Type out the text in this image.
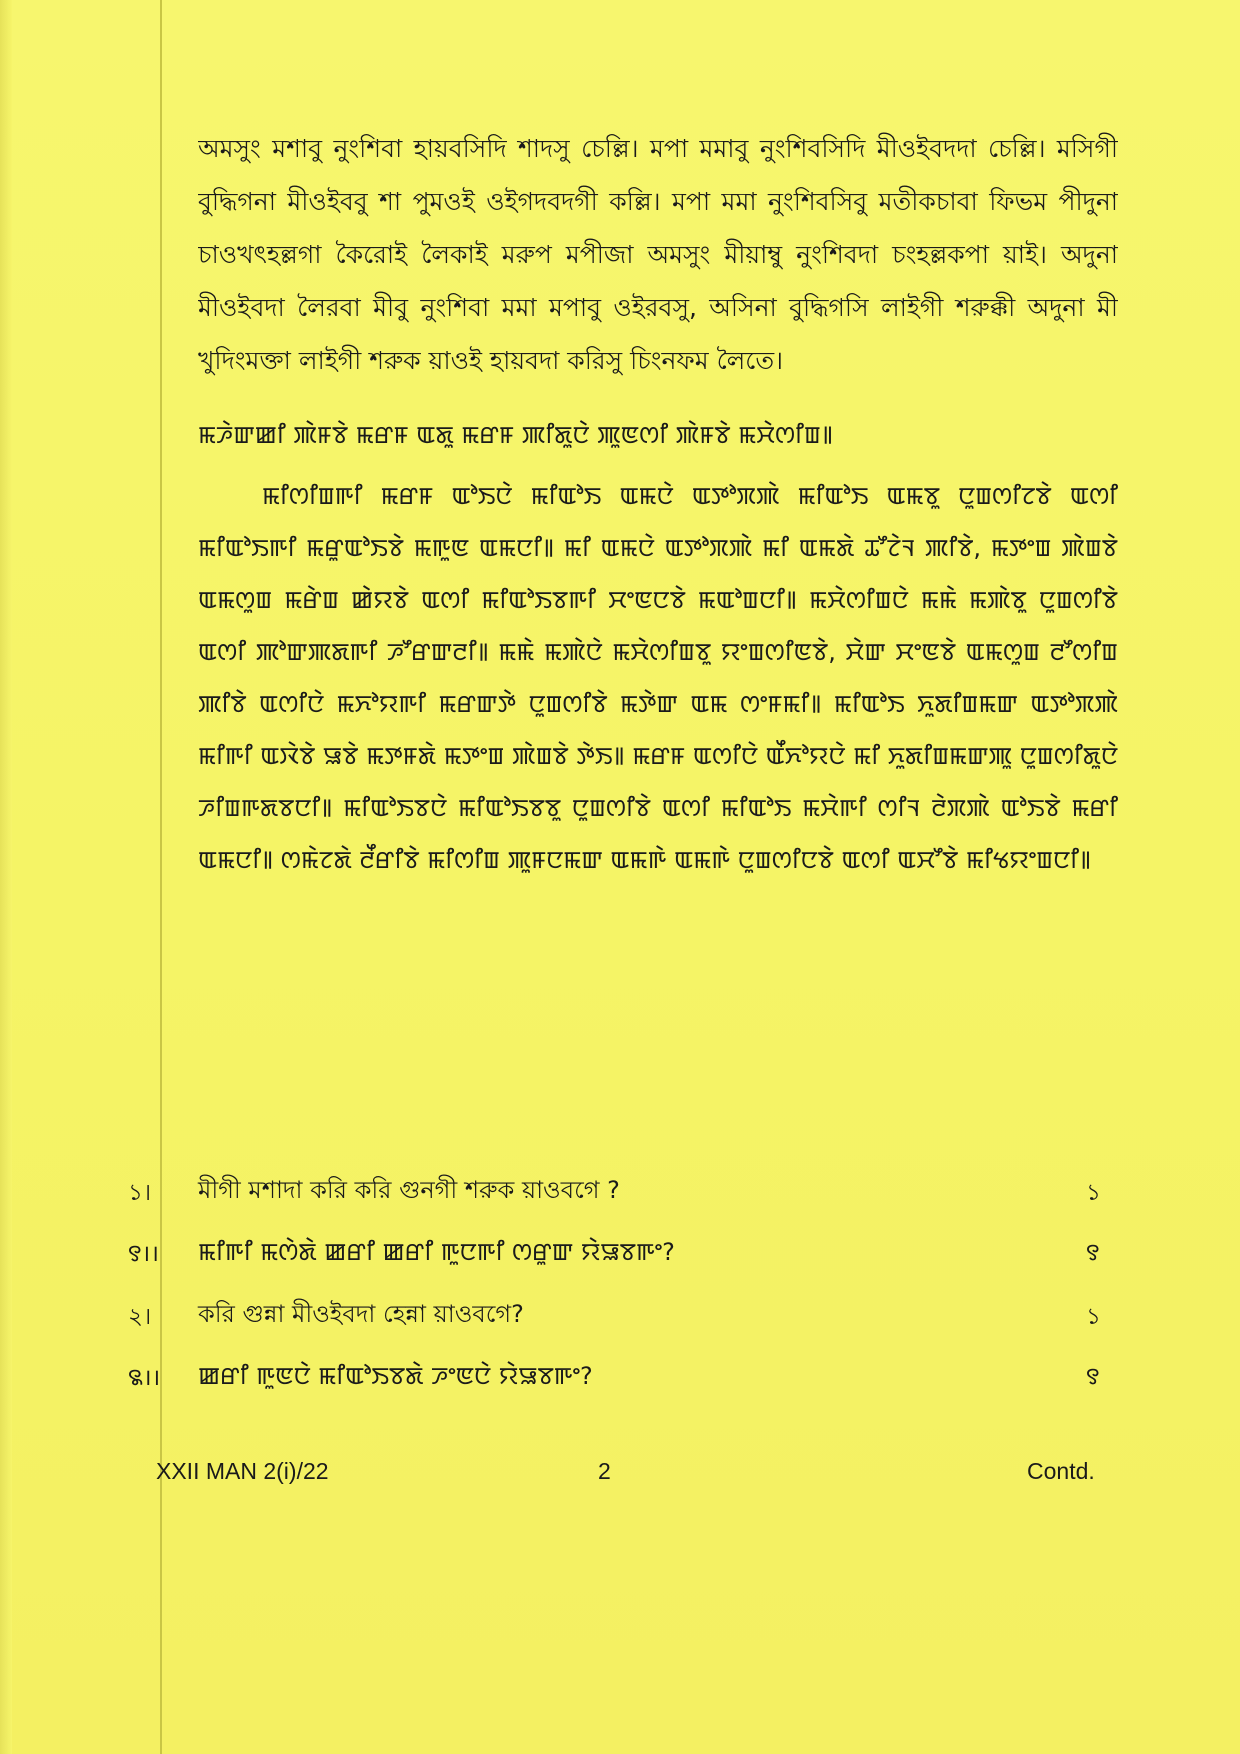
অমসুং মশাবু নুংশিবা হায়বসিদি শাদসু চেল্লি। মপা মমাবু নুংশিবসিদি মীওইবদদা চেল্লি। মসিগী বুদ্ধিগনা মীওইববু শা পুমওই ওইগদবদগী কল্লি। মপা মমা নুংশিবসিবু মতীকচাবা ফিভম পীদুনা চাওখৎহল্লগা কৈরোই লৈকাই মরুপ মপীজা অমসুং মীয়াম্বু নুংশিবদা চংহল্লকপা য়াই। অদুনা মীওইবদা লৈরবা মীবু নুংশিবা মমা মপাবু ওইরবসু, অসিনা বুদ্ধিগসি লাইগী শরুক্কী অদুনা মী খুদিংমক্তা লাইগী শরুক য়াওই হায়বদা করিসু চিংনফম লৈতে।

ꯃꯍꯥꯛꯀꯤ ꯄꯥꯝꯕꯥ ꯃꯔꯝ ꯑꯗꯨ ꯃꯔꯝ ꯄꯤꯗꯨꯅꯥ ꯄꯨꯟꯁꯤ ꯄꯥꯝꯕꯥ ꯃꯆꯥꯁꯤꯡ꯫

ꯃꯤꯁꯤꯡꯒꯤ ꯃꯔꯝ ꯑꯣꯏꯅꯥ ꯃꯤꯑꯣꯏ ꯑꯃꯅꯥ ꯑꯇꯣꯞꯄꯥ ꯃꯤꯑꯣꯏ ꯑꯃꯕꯨ ꯅꯨꯡꯁꯤꯖꯕꯥ ꯑꯁꯤ ꯃꯤꯑꯣꯏꯒꯤ ꯃꯔꯨꯑꯣꯏꯕꯥ ꯃꯒꯨꯟ ꯑꯃꯅꯤ꯫ ꯃꯤ ꯑꯃꯅꯥ ꯑꯇꯣꯞꯄꯥ ꯃꯤ ꯑꯃꯗꯥ ꯊꯧꯖꯥꯜ ꯄꯤꯕꯥ, ꯃꯇꯦꯡ ꯄꯥꯡꯕꯥ ꯑꯃꯁꯨꯡ ꯃꯔꯥꯡ ꯀꯥꯌꯕꯥ ꯑꯁꯤ ꯃꯤꯑꯣꯏꯕꯒꯤ ꯆꯦꯟꯅꯕꯥ ꯃꯑꯣꯡꯅꯤ꯫ ꯃꯆꯥꯁꯤꯡꯅꯥ ꯃꯃꯥ ꯃꯄꯥꯕꯨ ꯅꯨꯡꯁꯤꯕꯥ ꯑꯁꯤ ꯄꯣꯛꯄꯗꯒꯤ ꯍꯧꯔꯛꯂꯤ꯫ ꯃꯃꯥ ꯃꯄꯥꯅꯥ ꯃꯆꯥꯁꯤꯡꯕꯨ ꯌꯦꯡꯁꯤꯟꯕꯥ, ꯆꯥꯛ ꯆꯦꯟꯕꯥ ꯑꯃꯁꯨꯡ ꯂꯧꯁꯤꯡ ꯄꯤꯕꯥ ꯑꯁꯤꯅꯥ ꯃꯈꯣꯌꯒꯤ ꯃꯔꯛꯇꯥ ꯅꯨꯡꯁꯤꯕꯥ ꯃꯇꯥꯛ ꯑꯃ ꯁꯦꯝꯃꯤ꯫ ꯃꯤꯑꯣꯏ ꯈꯨꯗꯤꯡꯃꯛ ꯑꯇꯣꯞꯄꯥ ꯃꯤꯒꯤ ꯑꯋꯥꯕꯥ ꯎꯕꯥ ꯃꯇꯝꯗꯥ ꯃꯇꯦꯡ ꯄꯥꯡꯕꯥ ꯇꯥꯏ꯫ ꯃꯔꯝ ꯑꯁꯤꯅꯥ ꯑꯩꯈꯣꯌꯅꯥ ꯃꯤ ꯈꯨꯗꯤꯡꯃꯛꯄꯨ ꯅꯨꯡꯁꯤꯗꯨꯅꯥ ꯍꯤꯡꯒꯗꯕꯅꯤ꯫ ꯃꯤꯑꯣꯏꯕꯅꯥ ꯃꯤꯑꯣꯏꯕꯕꯨ ꯅꯨꯡꯁꯤꯕꯥ ꯑꯁꯤ ꯃꯤꯑꯣꯏ ꯃꯆꯥꯒꯤ ꯁꯤꯜ ꯂꯥꯞꯄꯥ ꯑꯣꯏꯕꯥ ꯃꯔꯤ ꯑꯃꯅꯤ꯫ ꯁꯃꯥꯖꯗꯥ ꯂꯩꯔꯤꯕꯥ ꯃꯤꯁꯤꯡ ꯄꯨꯝꯅꯃꯛ ꯑꯃꯒꯥ ꯑꯃꯒꯥ ꯅꯨꯡꯁꯤꯅꯕꯥ ꯑꯁꯤ ꯑꯆꯧꯕꯥ ꯃꯤꯠꯌꯦꯡꯅꯤ꯫

১। মীগী মশাদা করি করি গুনগী শরুক য়াওবগে ?	১
꯱।। ꯃꯤꯒꯤ ꯃꯁꯥꯗꯥ ꯀꯔꯤ ꯀꯔꯤ ꯒꯨꯅꯒꯤ ꯁꯔꯨꯛ ꯌꯥꯎꯕꯒꯦ?	꯱
২। করি গুন্না মীওইবদা হেন্না য়াওবগে?	১
꯲।। ꯀꯔꯤ ꯒꯨꯟꯅꯥ ꯃꯤꯑꯣꯏꯕꯗꯥ ꯍꯦꯟꯅꯥ ꯌꯥꯎꯕꯒꯦ?	꯱
XXII MAN 2(i)/22	2	Contd.
